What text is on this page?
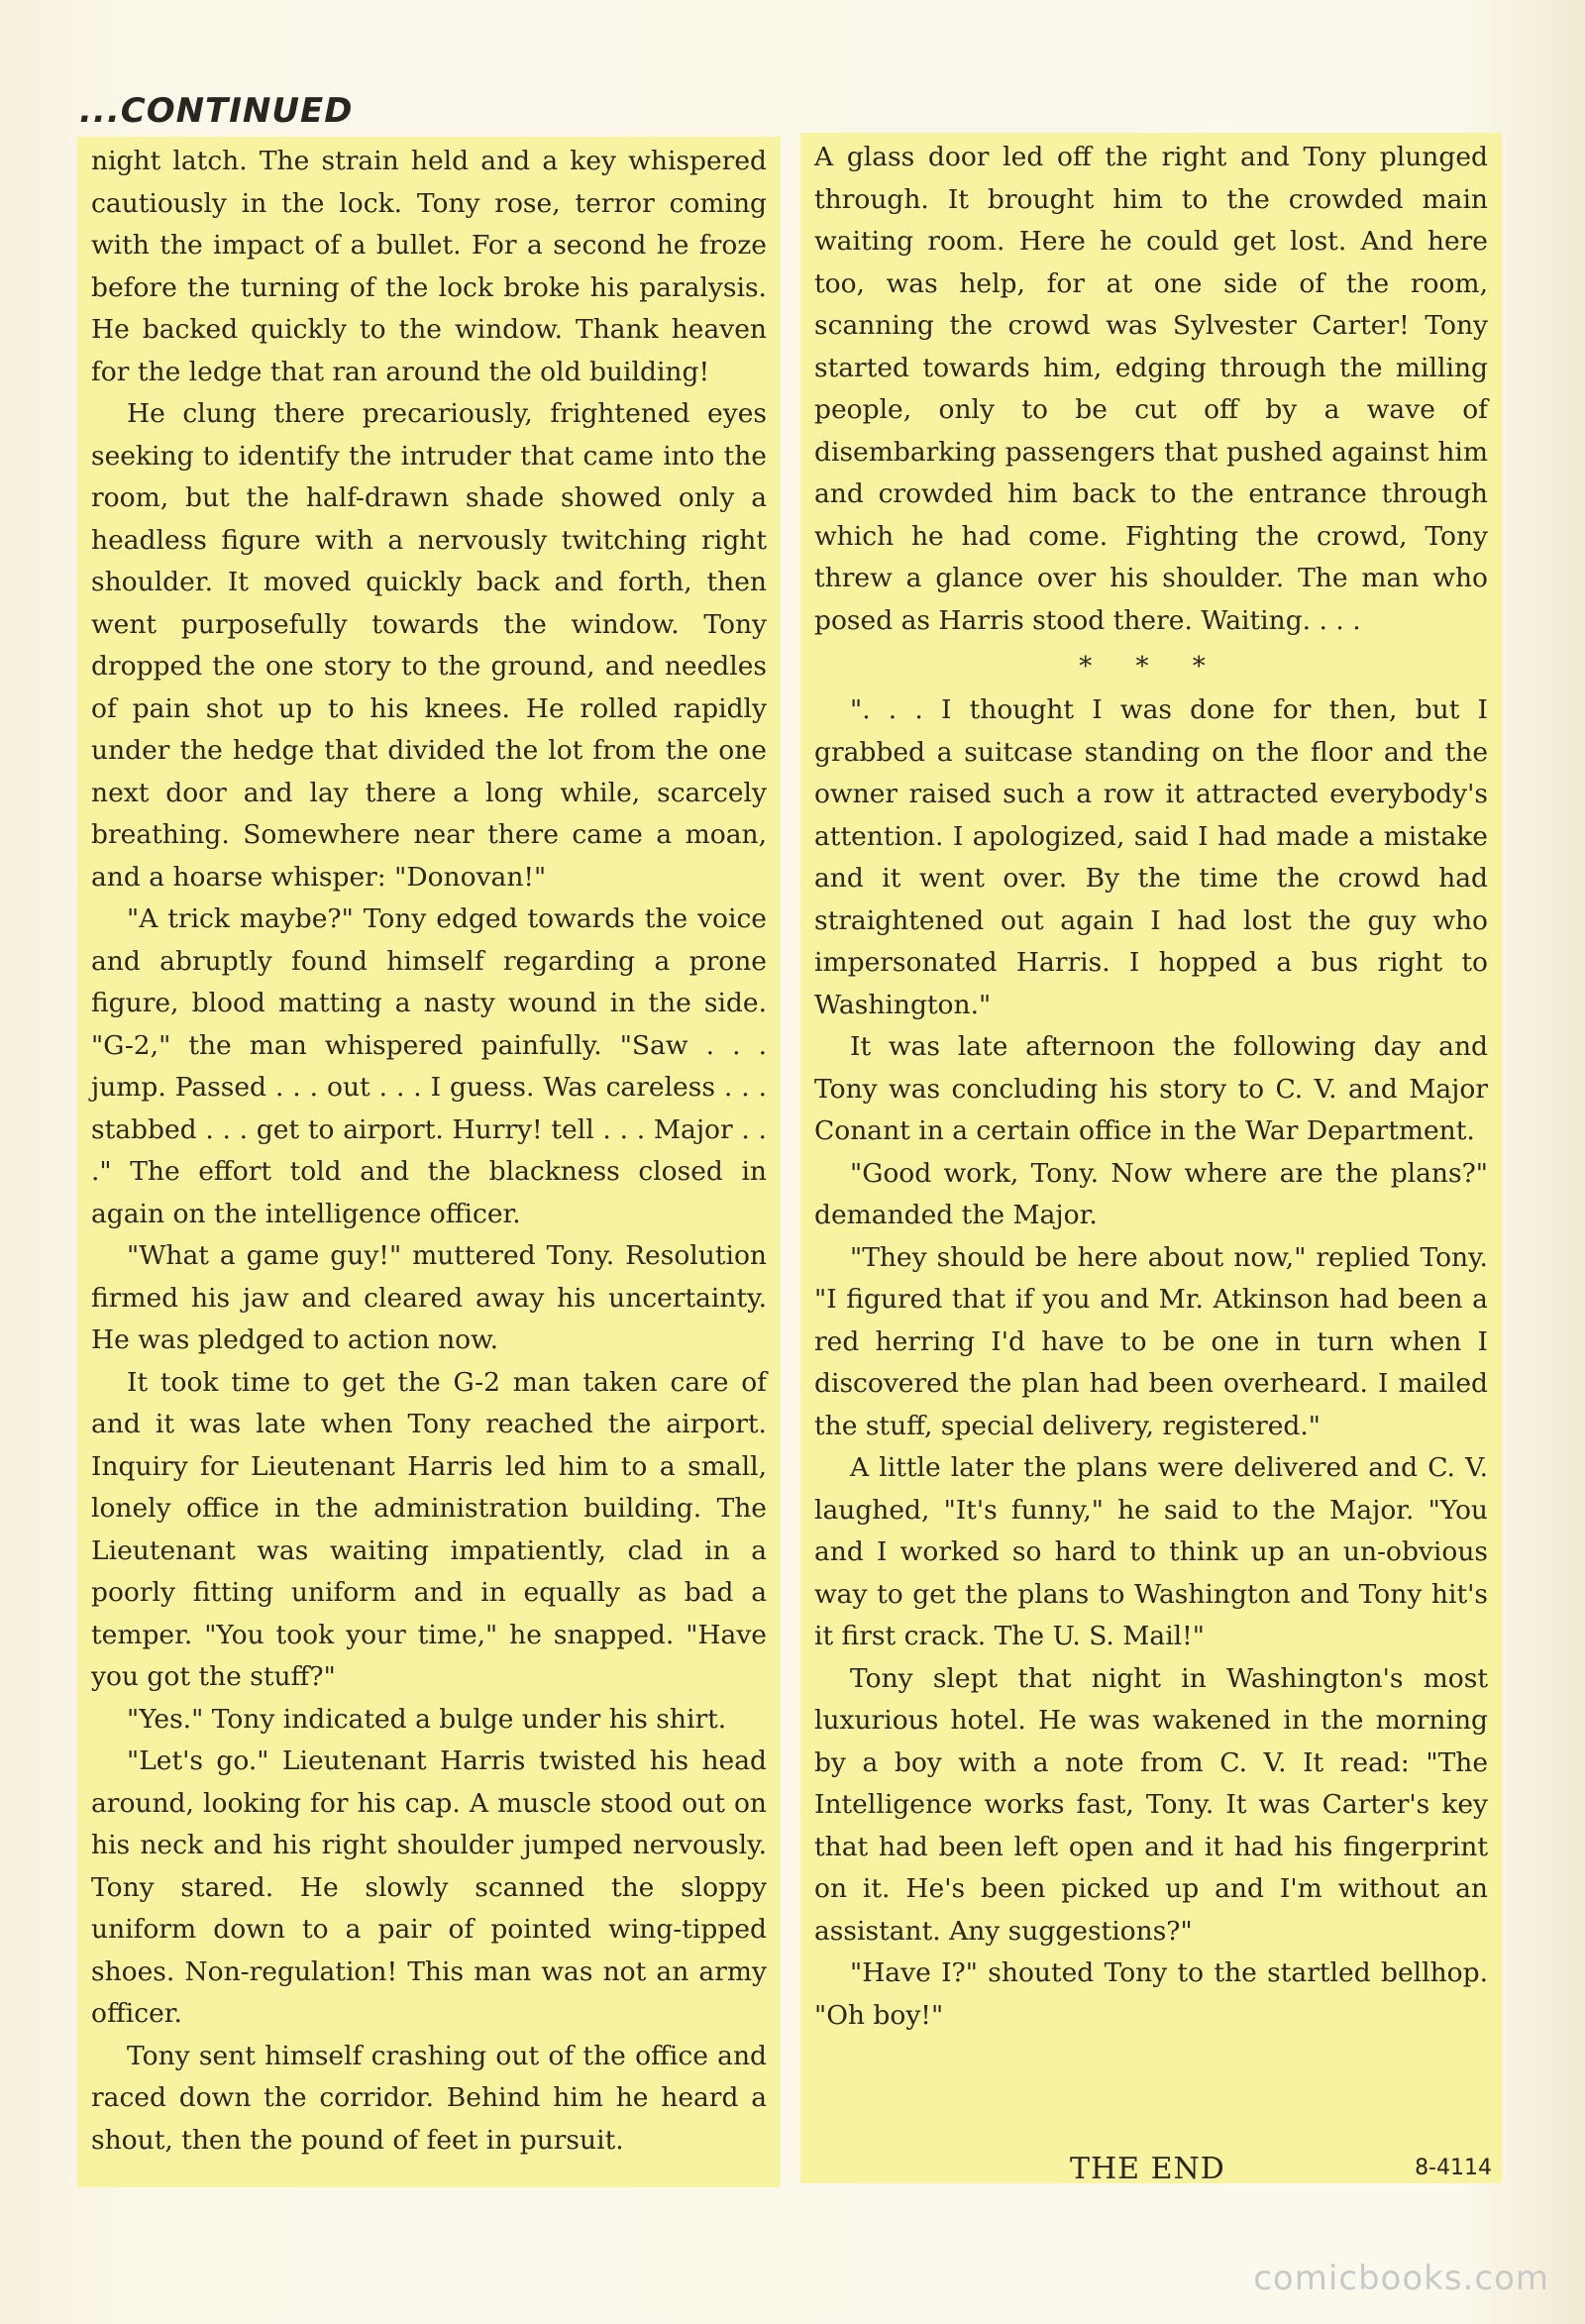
...CONTINUED

night latch. The strain held and a key whispered cautiously in the lock. Tony rose, terror coming with the impact of a bullet. For a second he froze before the turning of the lock broke his paralysis. He backed quickly to the window. Thank heaven for the ledge that ran around the old building!

He clung there precariously, frightened eyes seeking to identify the intruder that came into the room, but the half-drawn shade showed only a headless figure with a nervously twitching right shoulder. It moved quickly back and forth, then went purposefully towards the window. Tony dropped the one story to the ground, and needles of pain shot up to his knees. He rolled rapidly under the hedge that divided the lot from the one next door and lay there a long while, scarcely breathing. Somewhere near there came a moan, and a hoarse whisper: "Donovan!"

"A trick maybe?" Tony edged towards the voice and abruptly found himself regarding a prone figure, blood matting a nasty wound in the side. "G-2," the man whispered painfully. "Saw . . . jump. Passed . . . out . . . I guess. Was careless . . . stabbed . . . get to airport. Hurry! tell . . . Major . . ." The effort told and the blackness closed in again on the intelligence officer.

"What a game guy!" muttered Tony. Resolution firmed his jaw and cleared away his uncertainty. He was pledged to action now.

It took time to get the G-2 man taken care of and it was late when Tony reached the airport. Inquiry for Lieutenant Harris led him to a small, lonely office in the administration building. The Lieutenant was waiting impatiently, clad in a poorly fitting uniform and in equally as bad a temper. "You took your time," he snapped. "Have you got the stuff?"

"Yes." Tony indicated a bulge under his shirt.

"Let's go." Lieutenant Harris twisted his head around, looking for his cap. A muscle stood out on his neck and his right shoulder jumped nervously. Tony stared. He slowly scanned the sloppy uniform down to a pair of pointed wing-tipped shoes. Non-regulation! This man was not an army officer.

Tony sent himself crashing out of the office and raced down the corridor. Behind him he heard a shout, then the pound of feet in pursuit.

A glass door led off the right and Tony plunged through. It brought him to the crowded main waiting room. Here he could get lost. And here too, was help, for at one side of the room, scanning the crowd was Sylvester Carter! Tony started towards him, edging through the milling people, only to be cut off by a wave of disembarking passengers that pushed against him and crowded him back to the entrance through which he had come. Fighting the crowd, Tony threw a glance over his shoulder. The man who posed as Harris stood there. Waiting. . . .

* * *

". . . I thought I was done for then, but I grabbed a suitcase standing on the floor and the owner raised such a row it attracted everybody's attention. I apologized, said I had made a mistake and it went over. By the time the crowd had straightened out again I had lost the guy who impersonated Harris. I hopped a bus right to Washington."

It was late afternoon the following day and Tony was concluding his story to C. V. and Major Conant in a certain office in the War Department.

"Good work, Tony. Now where are the plans?" demanded the Major.

"They should be here about now," replied Tony. "I figured that if you and Mr. Atkinson had been a red herring I'd have to be one in turn when I discovered the plan had been overheard. I mailed the stuff, special delivery, registered."

A little later the plans were delivered and C. V. laughed, "It's funny," he said to the Major. "You and I worked so hard to think up an un-obvious way to get the plans to Washington and Tony hit's it first crack. The U. S. Mail!"

Tony slept that night in Washington's most luxurious hotel. He was wakened in the morning by a boy with a note from C. V. It read: "The Intelligence works fast, Tony. It was Carter's key that had been left open and it had his fingerprint on it. He's been picked up and I'm without an assistant. Any suggestions?"

"Have I?" shouted Tony to the startled bellhop. "Oh boy!"

THE END	8-4114
comicbooks.com
